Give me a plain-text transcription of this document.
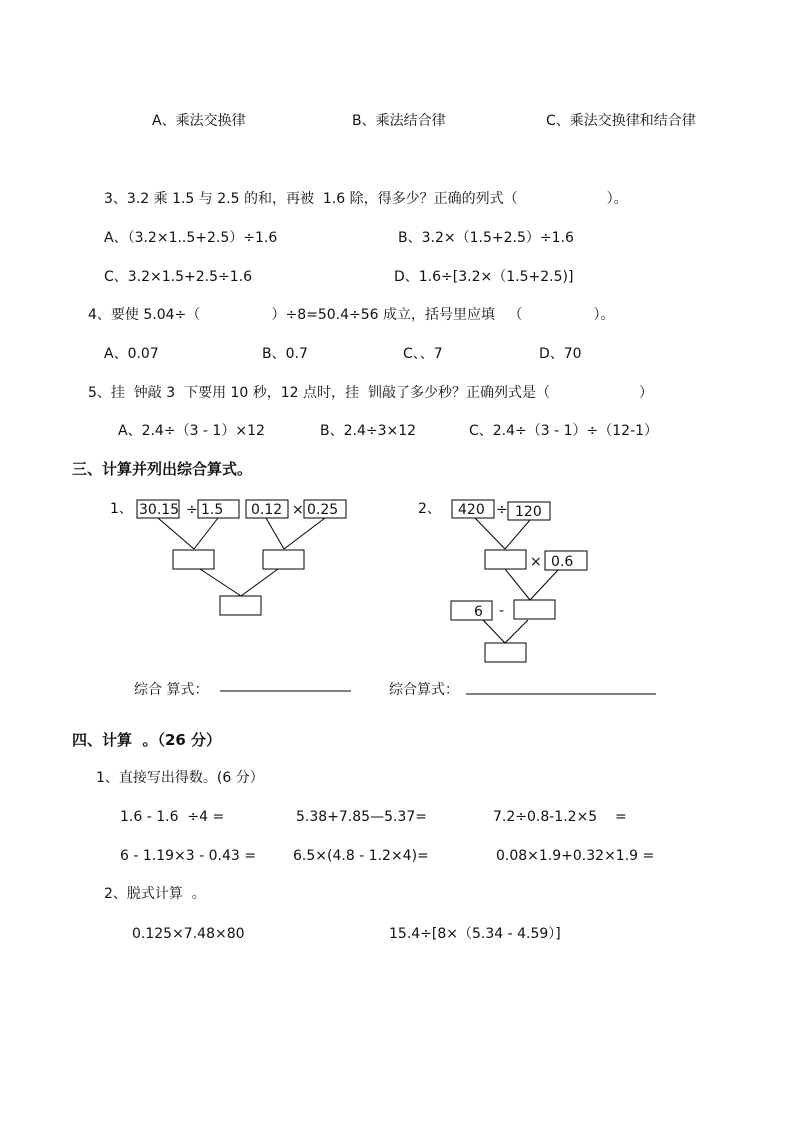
A、乘法交换律	B、乘法结合律	C、乘法交换律和结合律
3、3.2 乘 1.5 与 2.5 的和，再被  1.6 除，得多少？正确的列式（                    ）。
A、（3.2×1..5+2.5）÷1.6	B、3.2×（1.5+2.5）÷1.6
C、3.2×1.5+2.5÷1.6	D、1.6÷[3.2×（1.5+2.5)]
4、要使 5.04÷（                ）÷8=50.4÷56 成立，括号里应填   （                ）。
A、0.07	B、0.7	C、、7	D、70
5、挂  钟敲 3  下要用 10 秒，12 点时，挂  钏敲了多少秒？正确列式是（                    ）
A、2.4÷（3 - 1）×12	B、2.4÷3×12	C、2.4÷（3 - 1）÷（12-1）
三、计算并列出综合算式。
1、	2、
30.15 ÷ 1.5 0.12 × 0.25	420 ÷ 120
× 0.6
6 -
综合 算式：	综合算式：
四、计算  。（26 分）
1、直接写出得数。(6 分）
1.6 - 1.6  ÷4 =	5.38+7.85—5.37=	7.2÷0.8-1.2×5    =
6 - 1.19×3 - 0.43 =	6.5×(4.8 - 1.2×4)=	0.08×1.9+0.32×1.9 =
2、脱式计算  。
0.125×7.48×80	15.4÷[8×（5.34 - 4.59）]
